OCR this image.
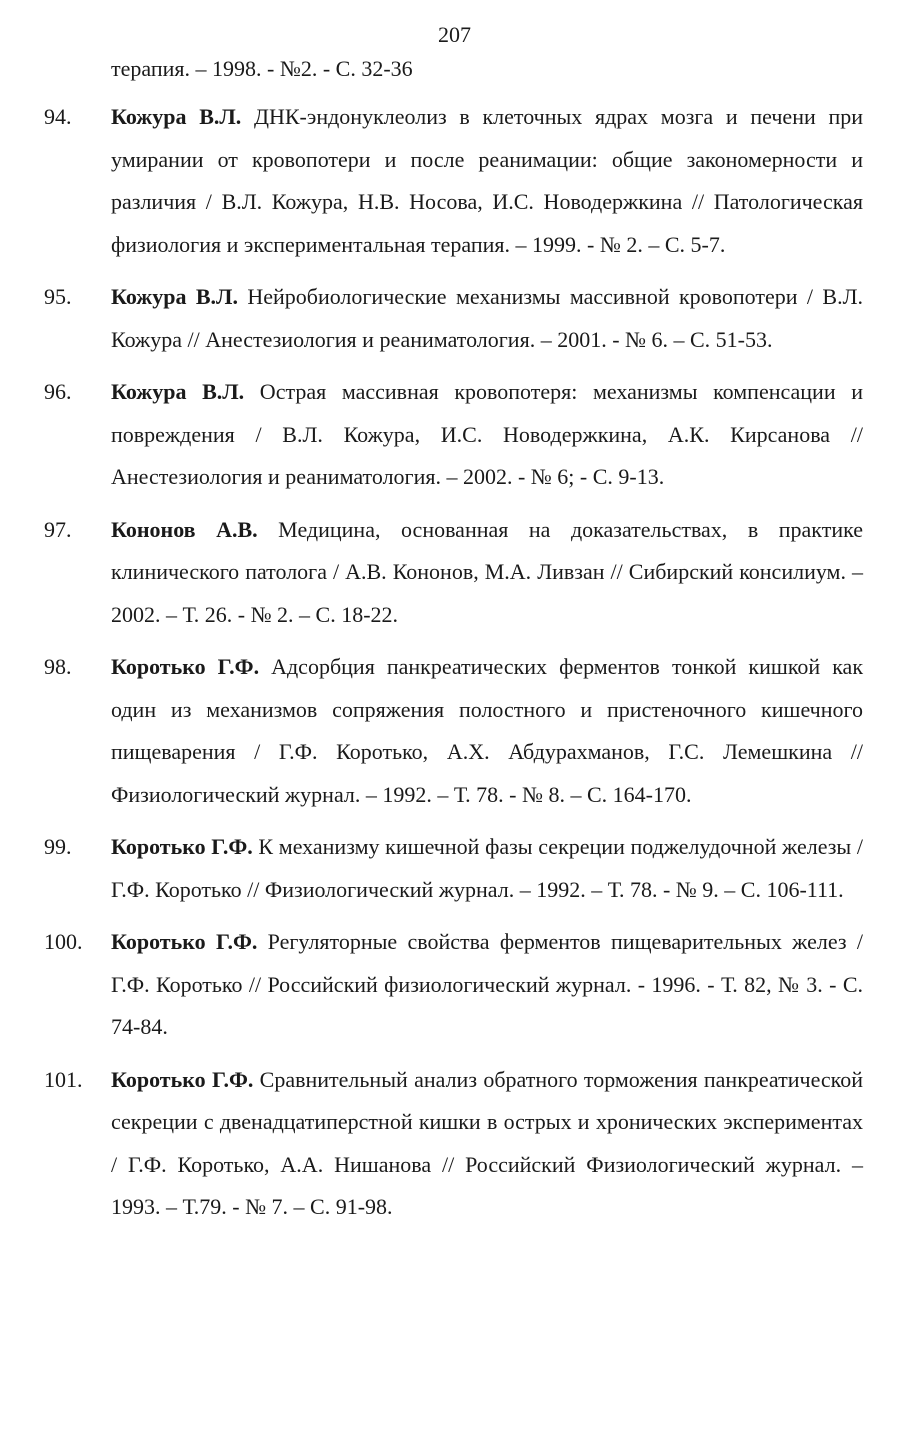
207
терапия. – 1998. - №2. - С. 32-36
94.	Кожура В.Л. ДНК-эндонуклеолиз в клеточных ядрах мозга и печени при умирании от кровопотери и после реанимации: общие закономерности и различия / В.Л. Кожура, Н.В. Носова, И.С. Новодержкина // Патологическая физиология и экспериментальная терапия. – 1999. - № 2. – С. 5-7.
95.	Кожура В.Л. Нейробиологические механизмы массивной кровопотери / В.Л. Кожура // Анестезиология и реаниматология. – 2001. - № 6. – С. 51-53.
96.	Кожура В.Л. Острая массивная кровопотеря: механизмы компенсации и повреждения / В.Л. Кожура, И.С. Новодержкина, А.К. Кирсанова // Анестезиология и реаниматология. – 2002. - № 6; - С. 9-13.
97.	Кононов А.В. Медицина, основанная на доказательствах, в практике клинического патолога / А.В. Кононов, М.А. Ливзан // Сибирский консилиум. – 2002. – Т. 26. - № 2. – С. 18-22.
98.	Коротько Г.Ф. Адсорбция панкреатических ферментов тонкой кишкой как один из механизмов сопряжения полостного и пристеночного кишечного пищеварения / Г.Ф. Коротько, А.Х. Абдурахманов, Г.С. Лемешкина // Физиологический журнал. – 1992. – Т. 78. - № 8. – С. 164-170.
99.	Коротько Г.Ф. К механизму кишечной фазы секреции поджелудочной железы / Г.Ф. Коротько // Физиологический журнал. – 1992. – Т. 78. - № 9. – С. 106-111.
100.	Коротько Г.Ф. Регуляторные свойства ферментов пищеварительных желез / Г.Ф. Коротько // Российский физиологический журнал. - 1996. - Т. 82, № 3. - С. 74-84.
101.	Коротько Г.Ф. Сравнительный анализ обратного торможения панкреатической секреции с двенадцатиперстной кишки в острых и хронических экспериментах / Г.Ф. Коротько, А.А. Нишанова // Российский Физиологический журнал. – 1993. – Т.79. - № 7. – С. 91-98.
